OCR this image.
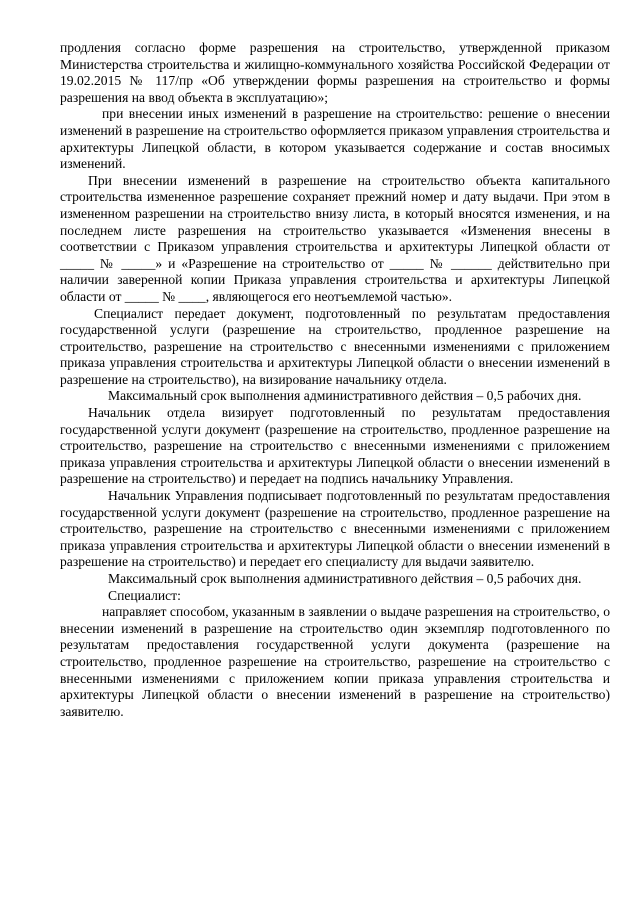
продления согласно форме разрешения на строительство, утвержденной приказом Министерства строительства и жилищно-коммунального хозяйства Российской Федерации от 19.02.2015 № 117/пр «Об утверждении формы разрешения на строительство и формы разрешения на ввод объекта в эксплуатацию»;

при внесении иных изменений в разрешение на строительство: решение о внесении изменений в разрешение на строительство оформляется приказом управления строительства и архитектуры Липецкой области, в котором указывается содержание и состав вносимых изменений.

При внесении изменений в разрешение на строительство объекта капитального строительства измененное разрешение сохраняет прежний номер и дату выдачи. При этом в измененном разрешении на строительство внизу листа, в который вносятся изменения, и на последнем листе разрешения на строительство указывается «Изменения внесены в соответствии с Приказом управления строительства и архитектуры Липецкой области от _____ № _____» и «Разрешение на строительство от _____ № ______ действительно при наличии заверенной копии Приказа управления строительства и архитектуры Липецкой области от _____ № ____, являющегося его неотъемлемой частью».

Специалист передает документ, подготовленный по результатам предоставления государственной услуги (разрешение на строительство, продленное разрешение на строительство, разрешение на строительство с внесенными изменениями с приложением приказа управления строительства и архитектуры Липецкой области о внесении изменений в разрешение на строительство), на визирование начальнику отдела.

Максимальный срок выполнения административного действия – 0,5 рабочих дня.

Начальник отдела визирует подготовленный по результатам предоставления государственной услуги документ (разрешение на строительство, продленное разрешение на строительство, разрешение на строительство с внесенными изменениями с приложением приказа управления строительства и архитектуры Липецкой области о внесении изменений в разрешение на строительство) и передает на подпись начальнику Управления.

Начальник Управления подписывает подготовленный по результатам предоставления государственной услуги документ (разрешение на строительство, продленное разрешение на строительство, разрешение на строительство с внесенными изменениями с приложением приказа управления строительства и архитектуры Липецкой области о внесении изменений в разрешение на строительство) и передает его специалисту для выдачи заявителю.

Максимальный срок выполнения административного действия – 0,5 рабочих дня.

Специалист:

направляет способом, указанным в заявлении о выдаче разрешения на строительство, о внесении изменений в разрешение на строительство один экземпляр подготовленного по результатам предоставления государственной услуги документа (разрешение на строительство, продленное разрешение на строительство, разрешение на строительство с внесенными изменениями с приложением копии приказа управления строительства и архитектуры Липецкой области о внесении изменений в разрешение на строительство) заявителю.
